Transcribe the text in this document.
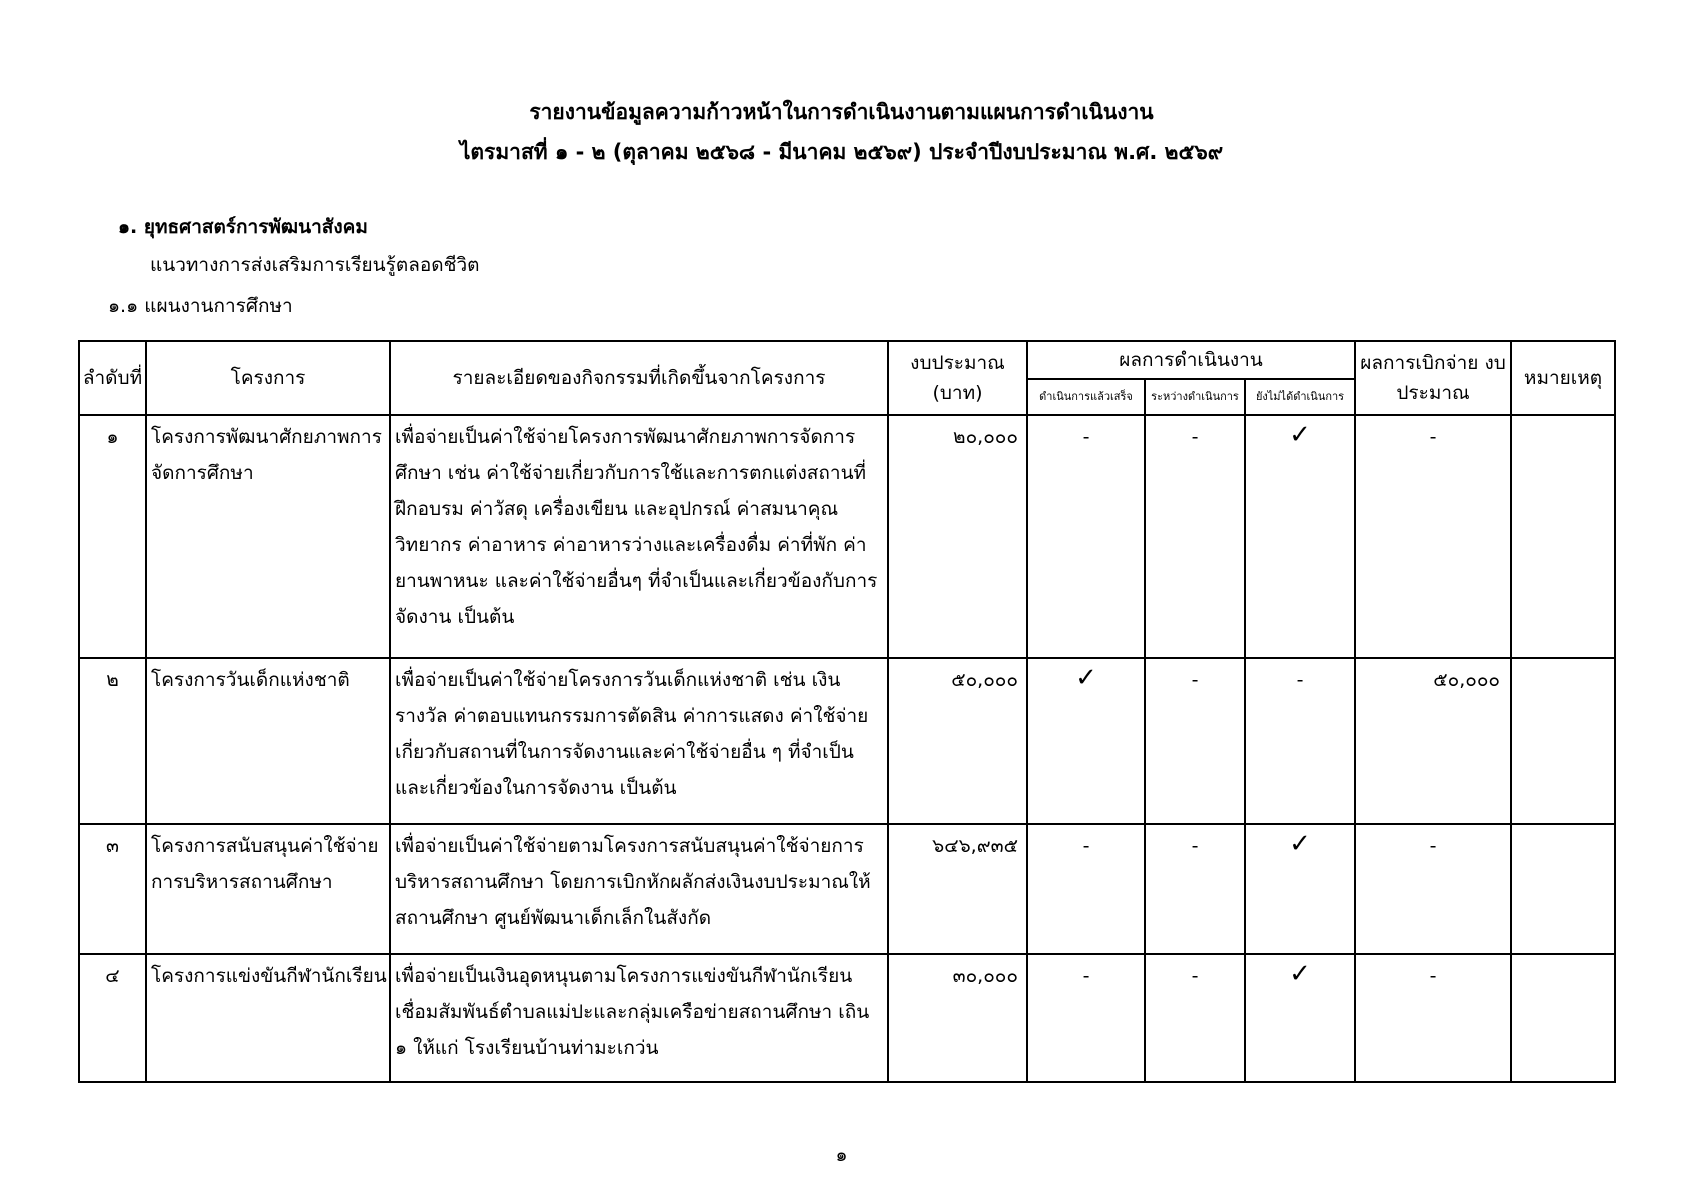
รายงานข้อมูลความก้าวหน้าในการดำเนินงานตามแผนการดำเนินงาน
ไตรมาสที่ ๑ - ๒ (ตุลาคม ๒๕๖๘ - มีนาคม ๒๕๖๙) ประจำปีงบประมาณ พ.ศ. ๒๕๖๙
๑. ยุทธศาสตร์การพัฒนาสังคม
แนวทางการส่งเสริมการเรียนรู้ตลอดชีวิต
๑.๑ แผนงานการศึกษา
ลำดับที่	โครงการ	รายละเอียดของกิจกรรมที่เกิดขึ้นจากโครงการ	งบประมาณ (บาท)	ผลการดำเนินงาน			ผลการเบิกจ่าย งบประมาณ	หมายเหตุ
				ดำเนินการแล้วเสร็จ	ระหว่างดำเนินการ	ยังไม่ได้ดำเนินการ		
๑	โครงการพัฒนาศักยภาพการจัดการศึกษา	เพื่อจ่ายเป็นค่าใช้จ่ายโครงการพัฒนาศักยภาพการจัดการศึกษา เช่น ค่าใช้จ่ายเกี่ยวกับการใช้และการตกแต่งสถานที่ ฝึกอบรม ค่าวัสดุ เครื่องเขียน และอุปกรณ์ ค่าสมนาคุณวิทยากร ค่าอาหาร ค่าอาหารว่างและเครื่องดื่ม ค่าที่พัก ค่ายานพาหนะ และค่าใช้จ่ายอื่นๆ ที่จำเป็นและเกี่ยวข้องกับการจัดงาน เป็นต้น	๒๐,๐๐๐	-	-	✓	-	
๒	โครงการวันเด็กแห่งชาติ	เพื่อจ่ายเป็นค่าใช้จ่ายโครงการวันเด็กแห่งชาติ เช่น เงินรางวัล ค่าตอบแทนกรรมการตัดสิน ค่าการแสดง ค่าใช้จ่ายเกี่ยวกับสถานที่ในการจัดงานและค่าใช้จ่ายอื่น ๆ ที่จำเป็นและเกี่ยวข้องในการจัดงาน เป็นต้น	๕๐,๐๐๐	✓	-	-	๕๐,๐๐๐	
๓	โครงการสนับสนุนค่าใช้จ่ายการบริหารสถานศึกษา	เพื่อจ่ายเป็นค่าใช้จ่ายตามโครงการสนับสนุนค่าใช้จ่ายการบริหารสถานศึกษา โดยการเบิกหักผลักส่งเงินงบประมาณให้สถานศึกษา ศูนย์พัฒนาเด็กเล็กในสังกัด	๖๔๖,๙๓๕	-	-	✓	-	
๔	โครงการแข่งขันกีฬานักเรียน	เพื่อจ่ายเป็นเงินอุดหนุนตามโครงการแข่งขันกีฬานักเรียนเชื่อมสัมพันธ์ตำบลแม่ปะและกลุ่มเครือข่ายสถานศึกษา เถิน ๑ ให้แก่ โรงเรียนบ้านท่ามะเกว่น	๓๐,๐๐๐	-	-	✓	-	
๑
